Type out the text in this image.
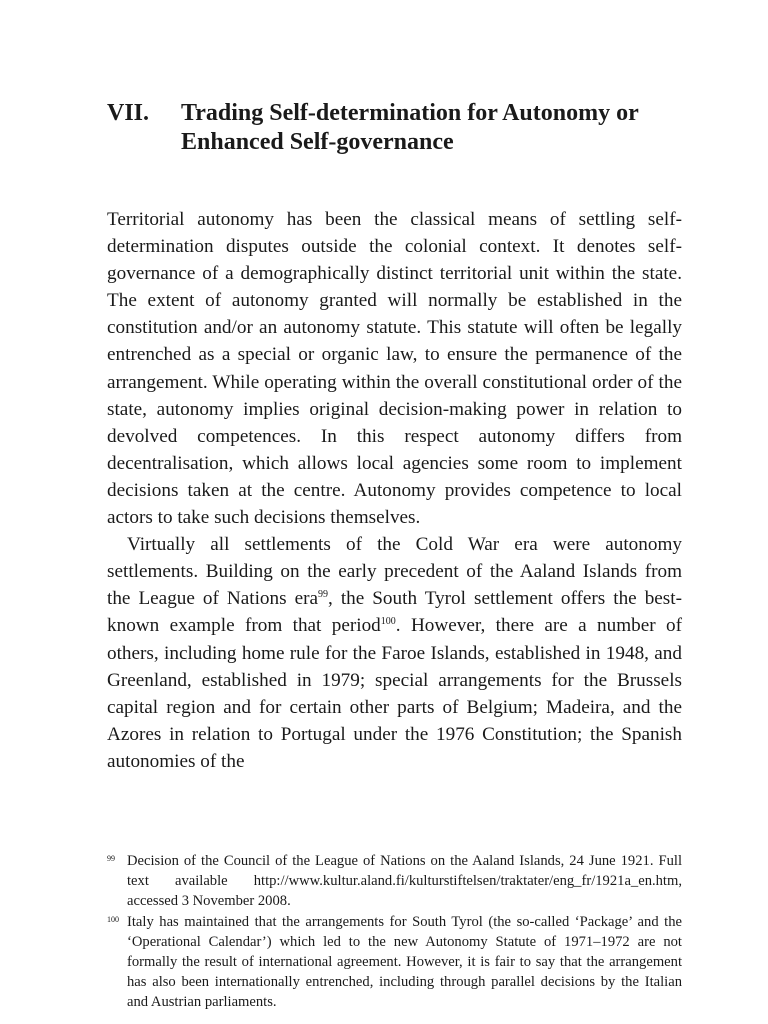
VII.	Trading Self-determination for Autonomy or Enhanced Self-governance

Territorial autonomy has been the classical means of settling self-determination disputes outside the colonial context. It denotes self-governance of a demographically distinct territorial unit within the state. The extent of autonomy granted will normally be established in the constitution and/or an autonomy statute. This statute will often be legally entrenched as a special or organic law, to ensure the permanence of the arrangement. While operating within the overall constitutional order of the state, autonomy implies original decision-making power in relation to devolved competences. In this respect autonomy differs from decentralisation, which allows local agencies some room to implement decisions taken at the centre. Autonomy provides competence to local actors to take such decisions themselves.

Virtually all settlements of the Cold War era were autonomy settlements. Building on the early precedent of the Aaland Islands from the League of Nations era$^{99}$, the South Tyrol settlement offers the best-known example from that period$^{100}$. However, there are a number of others, including home rule for the Faroe Islands, established in 1948, and Greenland, established in 1979; special arrangements for the Brussels capital region and for certain other parts of Belgium; Madeira, and the Azores in relation to Portugal under the 1976 Constitution; the Spanish autonomies of the

99 Decision of the Council of the League of Nations on the Aaland Islands, 24 June 1921. Full text available http://www.kultur.aland.fi/kulturstiftelsen/traktater/eng_fr/1921a_en.htm, accessed 3 November 2008.
100 Italy has maintained that the arrangements for South Tyrol (the so-called ‘Package’ and the ‘Operational Calendar’) which led to the new Autonomy Statute of 1971–1972 are not formally the result of international agreement. However, it is fair to say that the arrangement has also been internationally entrenched, including through parallel decisions by the Italian and Austrian parliaments.
